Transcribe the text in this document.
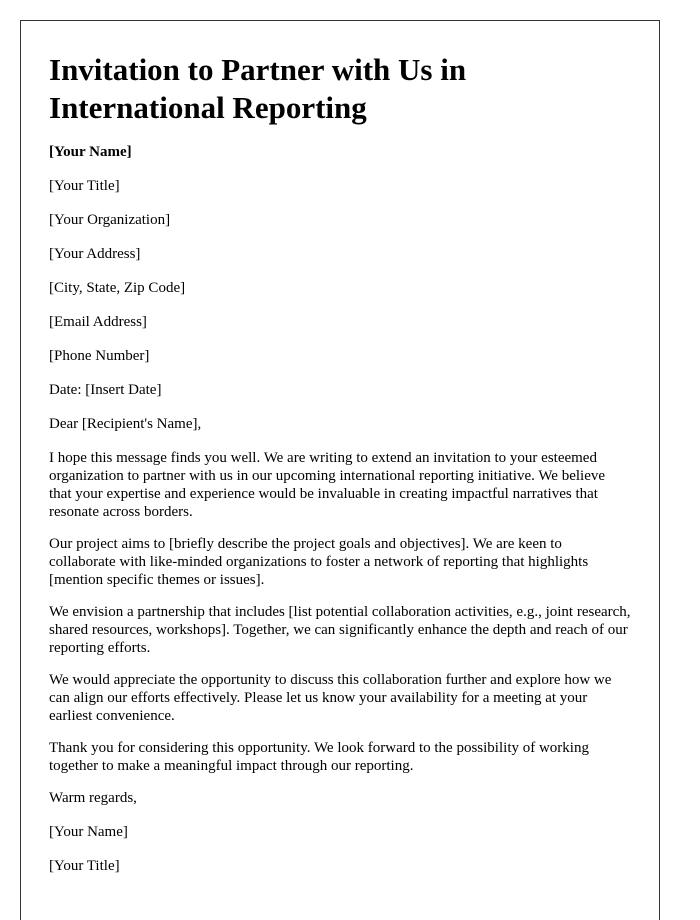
Invitation to Partner with Us in International Reporting
[Your Name]
[Your Title]
[Your Organization]
[Your Address]
[City, State, Zip Code]
[Email Address]
[Phone Number]
Date: [Insert Date]
Dear [Recipient's Name],

I hope this message finds you well. We are writing to extend an invitation to your esteemed organization to partner with us in our upcoming international reporting initiative. We believe that your expertise and experience would be invaluable in creating impactful narratives that resonate across borders.

Our project aims to [briefly describe the project goals and objectives]. We are keen to collaborate with like-minded organizations to foster a network of reporting that highlights [mention specific themes or issues].

We envision a partnership that includes [list potential collaboration activities, e.g., joint research, shared resources, workshops]. Together, we can significantly enhance the depth and reach of our reporting efforts.

We would appreciate the opportunity to discuss this collaboration further and explore how we can align our efforts effectively. Please let us know your availability for a meeting at your earliest convenience.

Thank you for considering this opportunity. We look forward to the possibility of working together to make a meaningful impact through our reporting.

Warm regards,
[Your Name]
[Your Title]
